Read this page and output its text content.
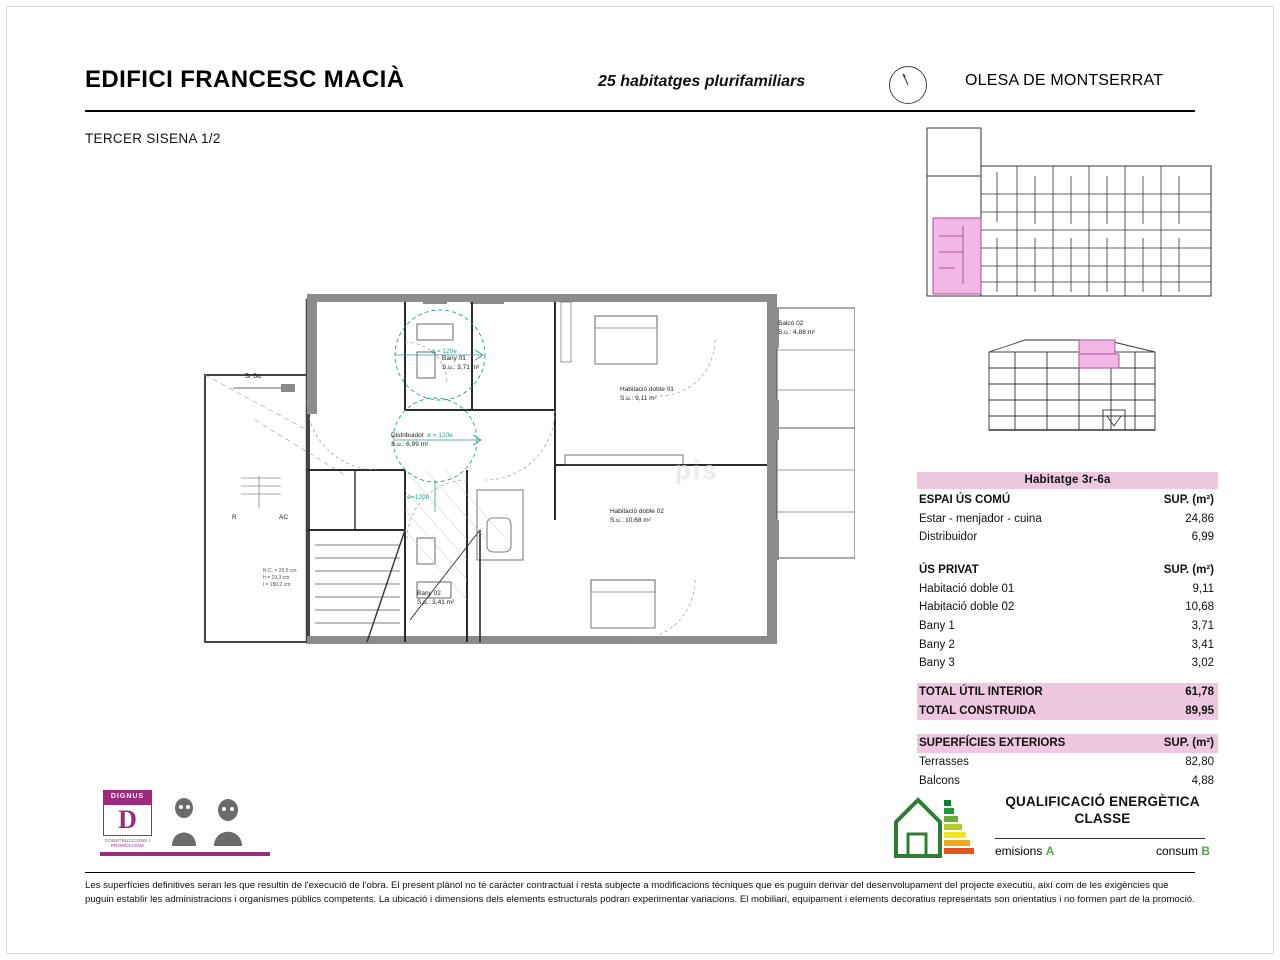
EDIFICI FRANCESC MACIÀ	25 habitatges plurifamiliars	OLESA DE MONTSERRAT
TERCER SISENA 1/2
3r 6a
ø = 120e
ø = 120e
ø=120e
Bany 01
S.u.: 3,71 m²
Distribuidor
S.u.: 6,99 m²
Habitació doble 01
S.u.: 9,11 m²
Habitació doble 02
S.u.: 10,68 m²
Bany 02
S.u.: 3,41 m²
Balcó 02
S.u.: 4,88 m²
R	AC
N.C. = 20,5 cm
h = 19,3 cm
l = 180,2 cm
pis	Habitatge 3r-6a
ESPAI ÚS COMÚ	SUP. (m²)
Estar - menjador - cuina	24,86
Distribuidor	6,99
ÚS PRIVAT	SUP. (m²)
Habitació doble 01	9,11
Habitació doble 02	10,68
Bany 1	3,71
Bany 2	3,41
Bany 3	3,02
TOTAL ÚTIL INTERIOR	61,78
TOTAL CONSTRUIDA	89,95
SUPERFÍCIES EXTERIORS	SUP. (m²)
Terrasses	82,80
Balcons	4,88
DIGNUS
D
CONSTRUCCIONS I PROMOCIONS
QUALIFICACIÓ ENERGÈTICA
CLASSE
emisions A	consum B
Les superfícies definitives seran les que resultin de l'execució de l'obra. El present plànol no té caràcter contractual i resta subjecte a modificacions tècniques que es puguin derivar del desenvolupament del projecte executiu, així com de les exigències que puguin establir les administracions i organismes públics competents. La ubicació i dimensions dels elements estructurals podran experimentar variacions. El mobiliari, equipament i elements decoratius representats son orientatius i no formen part de la promoció.
